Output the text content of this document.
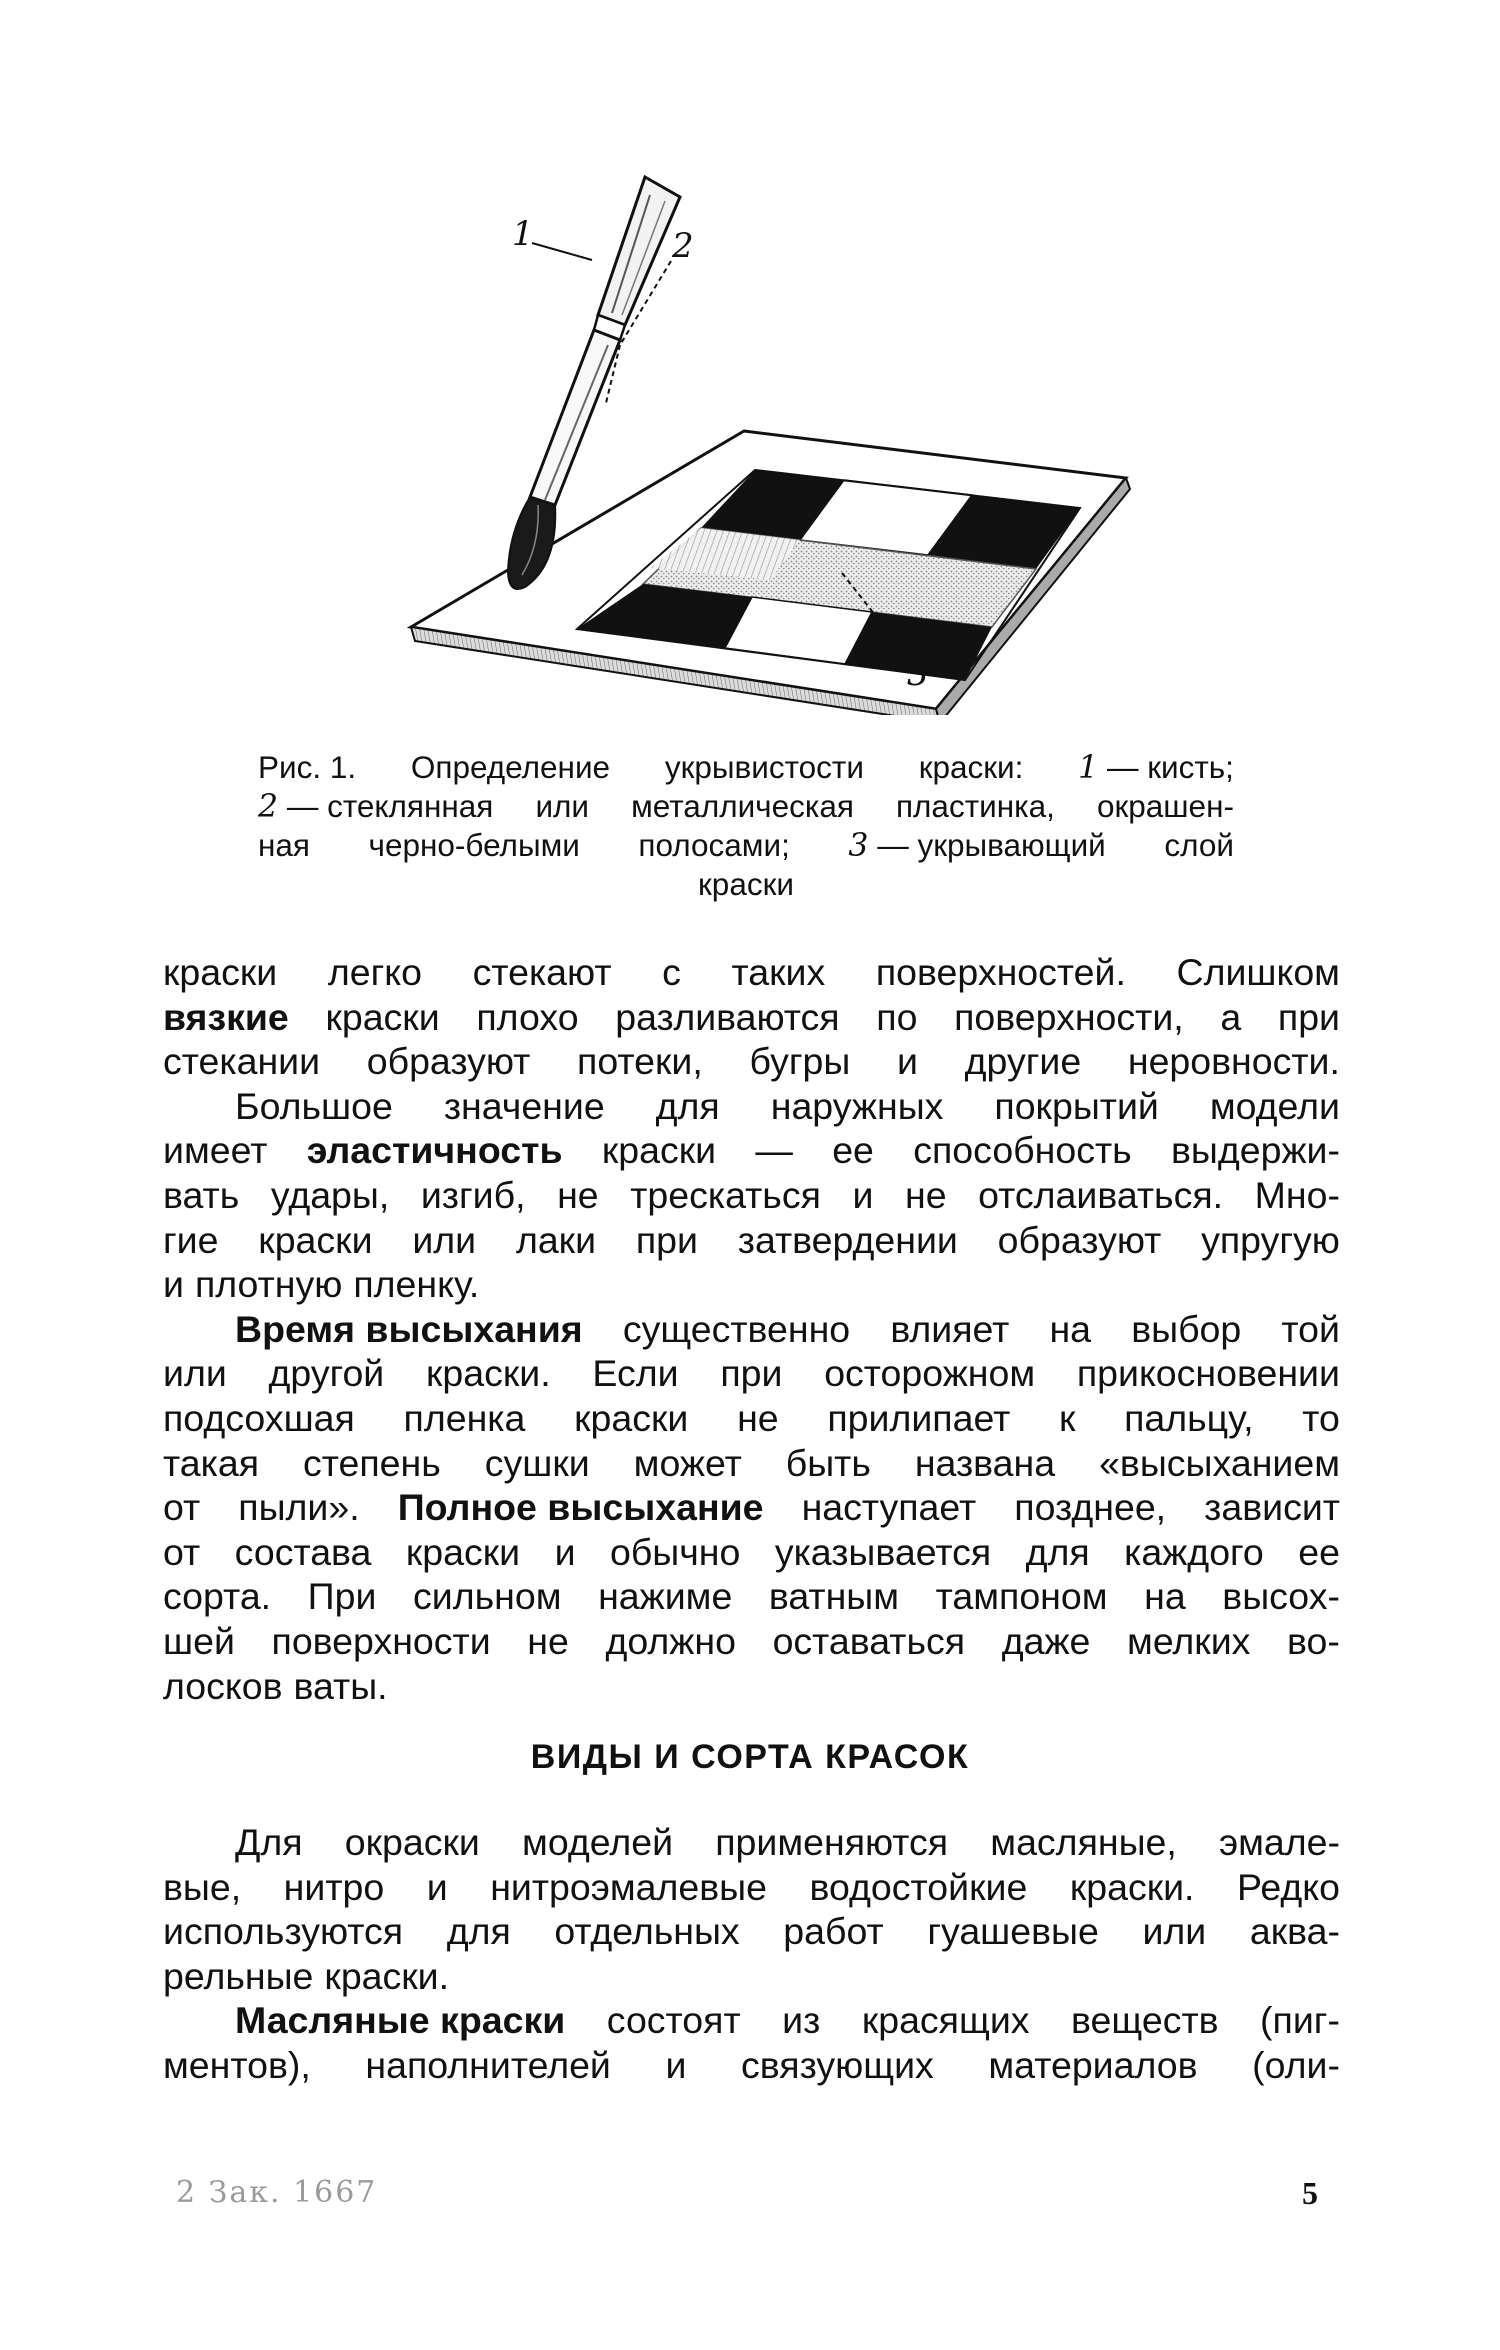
1	2
3
Рис. 1. Определение укрывистости краски: 1 — кисть;
2 — стеклянная или металлическая пластинка, окрашен-
ная черно-белыми полосами; 3 — укрывающий слой
краски
краски легко стекают с таких поверхностей. Слишком
вязкие краски плохо разливаются по поверхности, а при
стекании образуют потеки, бугры и другие неровности.
Большое значение для наружных покрытий модели
имеет эластичность краски — ее способность выдержи-
вать удары, изгиб, не трескаться и не отслаиваться. Мно-
гие краски или лаки при затвердении образуют упругую
и плотную пленку.
Время высыхания существенно влияет на выбор той
или другой краски. Если при осторожном прикосновении
подсохшая пленка краски не прилипает к пальцу, то
такая степень сушки может быть названа «высыханием
от пыли». Полное высыхание наступает позднее, зависит
от состава краски и обычно указывается для каждого ее
сорта. При сильном нажиме ватным тампоном на высох-
шей поверхности не должно оставаться даже мелких во-
лосков ваты.
ВИДЫ И СОРТА КРАСОК
Для окраски моделей применяются масляные, эмале-
вые, нитро и нитроэмалевые водостойкие краски. Редко
используются для отдельных работ гуашевые или аква-
рельные краски.
Масляные краски состоят из красящих веществ (пиг-
ментов), наполнителей и связующих материалов (оли-
2 Зак. 1667	5
